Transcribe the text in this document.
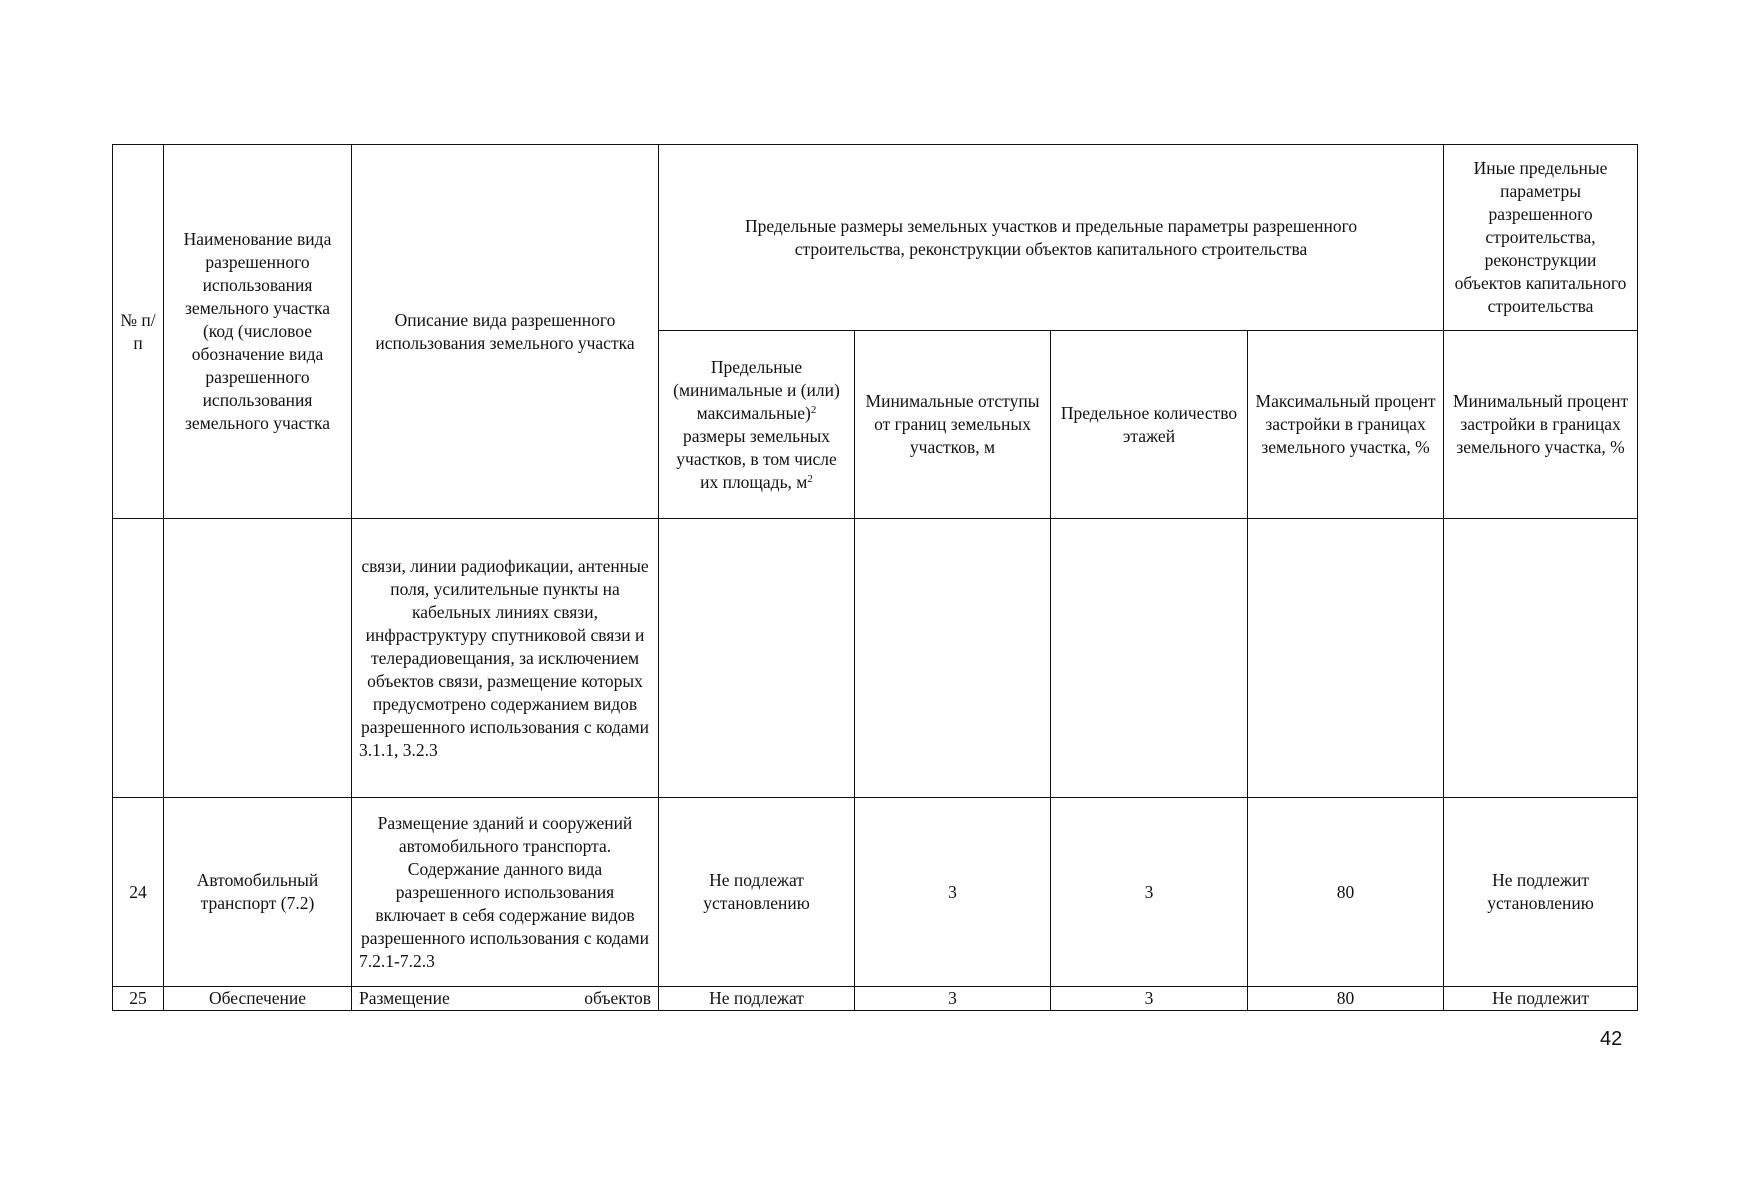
№ п/п	Наименование вида разрешенного использования земельного участка (код (числовое обозначение вида разрешенного использования земельного участка	Описание вида разрешенного использования земельного участка	Предельные размеры земельных участков и предельные параметры разрешенного строительства, реконструкции объектов капитального строительства				Иные предельные параметры разрешенного строительства, реконструкции объектов капитального строительства
			Предельные (минимальные и (или) максимальные)$^2$ размеры земельных участков, в том числе их площадь, $м^2$	Минимальные отступы от границ земельных участков, м	Предельное количество этажей	Максимальный процент застройки в границах земельного участка, %	Минимальный процент застройки в границах земельного участка, %
		связи, линии радиофикации, антенные поля, усилительные пункты на кабельных линиях связи, инфраструктуру спутниковой связи и телерадиовещания, за исключением объектов связи, размещение которых предусмотрено содержанием видов разрешенного использования с кодами 3.1.1, 3.2.3					
24	Автомобильный транспорт (7.2)	Размещение зданий и сооружений автомобильного транспорта. Содержание данного вида разрешенного использования включает в себя содержание видов разрешенного использования с кодами 7.2.1-7.2.3	Не подлежат установлению	3	3	80	Не подлежит установлению
25	Обеспечение	Размещение объектов	Не подлежат	3	3	80	Не подлежит
42
